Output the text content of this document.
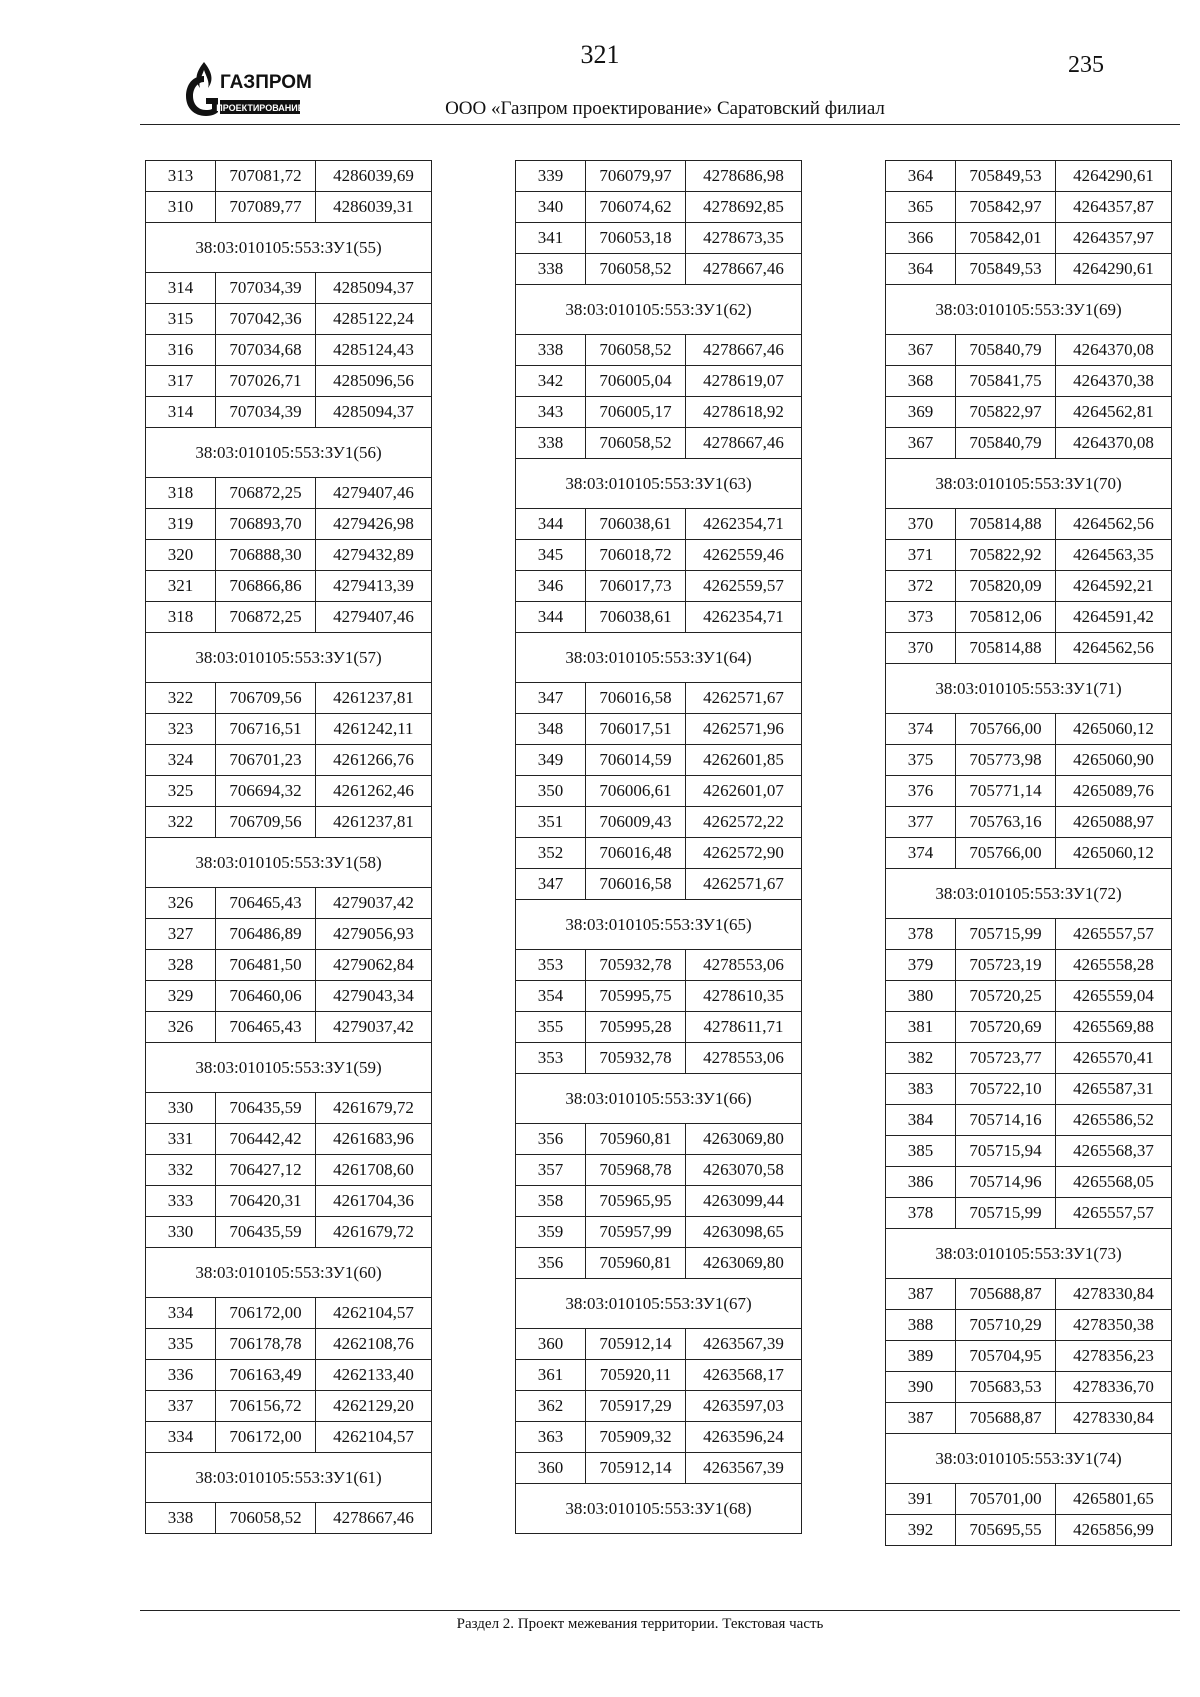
321	235
ГАЗПРОМ
ПРОЕКТИРОВАНИЕ	ООО «Газпром проектирование» Саратовский филиал
313	707081,72	4286039,69
310	707089,77	4286039,31
38:03:010105:553:ЗУ1(55)		
314	707034,39	4285094,37
315	707042,36	4285122,24
316	707034,68	4285124,43
317	707026,71	4285096,56
314	707034,39	4285094,37
38:03:010105:553:ЗУ1(56)		
318	706872,25	4279407,46
319	706893,70	4279426,98
320	706888,30	4279432,89
321	706866,86	4279413,39
318	706872,25	4279407,46
38:03:010105:553:ЗУ1(57)		
322	706709,56	4261237,81
323	706716,51	4261242,11
324	706701,23	4261266,76
325	706694,32	4261262,46
322	706709,56	4261237,81
38:03:010105:553:ЗУ1(58)		
326	706465,43	4279037,42
327	706486,89	4279056,93
328	706481,50	4279062,84
329	706460,06	4279043,34
326	706465,43	4279037,42
38:03:010105:553:ЗУ1(59)		
330	706435,59	4261679,72
331	706442,42	4261683,96
332	706427,12	4261708,60
333	706420,31	4261704,36
330	706435,59	4261679,72
38:03:010105:553:ЗУ1(60)		
334	706172,00	4262104,57
335	706178,78	4262108,76
336	706163,49	4262133,40
337	706156,72	4262129,20
334	706172,00	4262104,57
38:03:010105:553:ЗУ1(61)		
338	706058,52	4278667,46
339	706079,97	4278686,98
340	706074,62	4278692,85
341	706053,18	4278673,35
338	706058,52	4278667,46
38:03:010105:553:ЗУ1(62)		
338	706058,52	4278667,46
342	706005,04	4278619,07
343	706005,17	4278618,92
338	706058,52	4278667,46
38:03:010105:553:ЗУ1(63)		
344	706038,61	4262354,71
345	706018,72	4262559,46
346	706017,73	4262559,57
344	706038,61	4262354,71
38:03:010105:553:ЗУ1(64)		
347	706016,58	4262571,67
348	706017,51	4262571,96
349	706014,59	4262601,85
350	706006,61	4262601,07
351	706009,43	4262572,22
352	706016,48	4262572,90
347	706016,58	4262571,67
38:03:010105:553:ЗУ1(65)		
353	705932,78	4278553,06
354	705995,75	4278610,35
355	705995,28	4278611,71
353	705932,78	4278553,06
38:03:010105:553:ЗУ1(66)		
356	705960,81	4263069,80
357	705968,78	4263070,58
358	705965,95	4263099,44
359	705957,99	4263098,65
356	705960,81	4263069,80
38:03:010105:553:ЗУ1(67)		
360	705912,14	4263567,39
361	705920,11	4263568,17
362	705917,29	4263597,03
363	705909,32	4263596,24
360	705912,14	4263567,39
38:03:010105:553:ЗУ1(68)		
364	705849,53	4264290,61
365	705842,97	4264357,87
366	705842,01	4264357,97
364	705849,53	4264290,61
38:03:010105:553:ЗУ1(69)		
367	705840,79	4264370,08
368	705841,75	4264370,38
369	705822,97	4264562,81
367	705840,79	4264370,08
38:03:010105:553:ЗУ1(70)		
370	705814,88	4264562,56
371	705822,92	4264563,35
372	705820,09	4264592,21
373	705812,06	4264591,42
370	705814,88	4264562,56
38:03:010105:553:ЗУ1(71)		
374	705766,00	4265060,12
375	705773,98	4265060,90
376	705771,14	4265089,76
377	705763,16	4265088,97
374	705766,00	4265060,12
38:03:010105:553:ЗУ1(72)		
378	705715,99	4265557,57
379	705723,19	4265558,28
380	705720,25	4265559,04
381	705720,69	4265569,88
382	705723,77	4265570,41
383	705722,10	4265587,31
384	705714,16	4265586,52
385	705715,94	4265568,37
386	705714,96	4265568,05
378	705715,99	4265557,57
38:03:010105:553:ЗУ1(73)		
387	705688,87	4278330,84
388	705710,29	4278350,38
389	705704,95	4278356,23
390	705683,53	4278336,70
387	705688,87	4278330,84
38:03:010105:553:ЗУ1(74)		
391	705701,00	4265801,65
392	705695,55	4265856,99
Раздел 2. Проект межевания территории. Текстовая часть
